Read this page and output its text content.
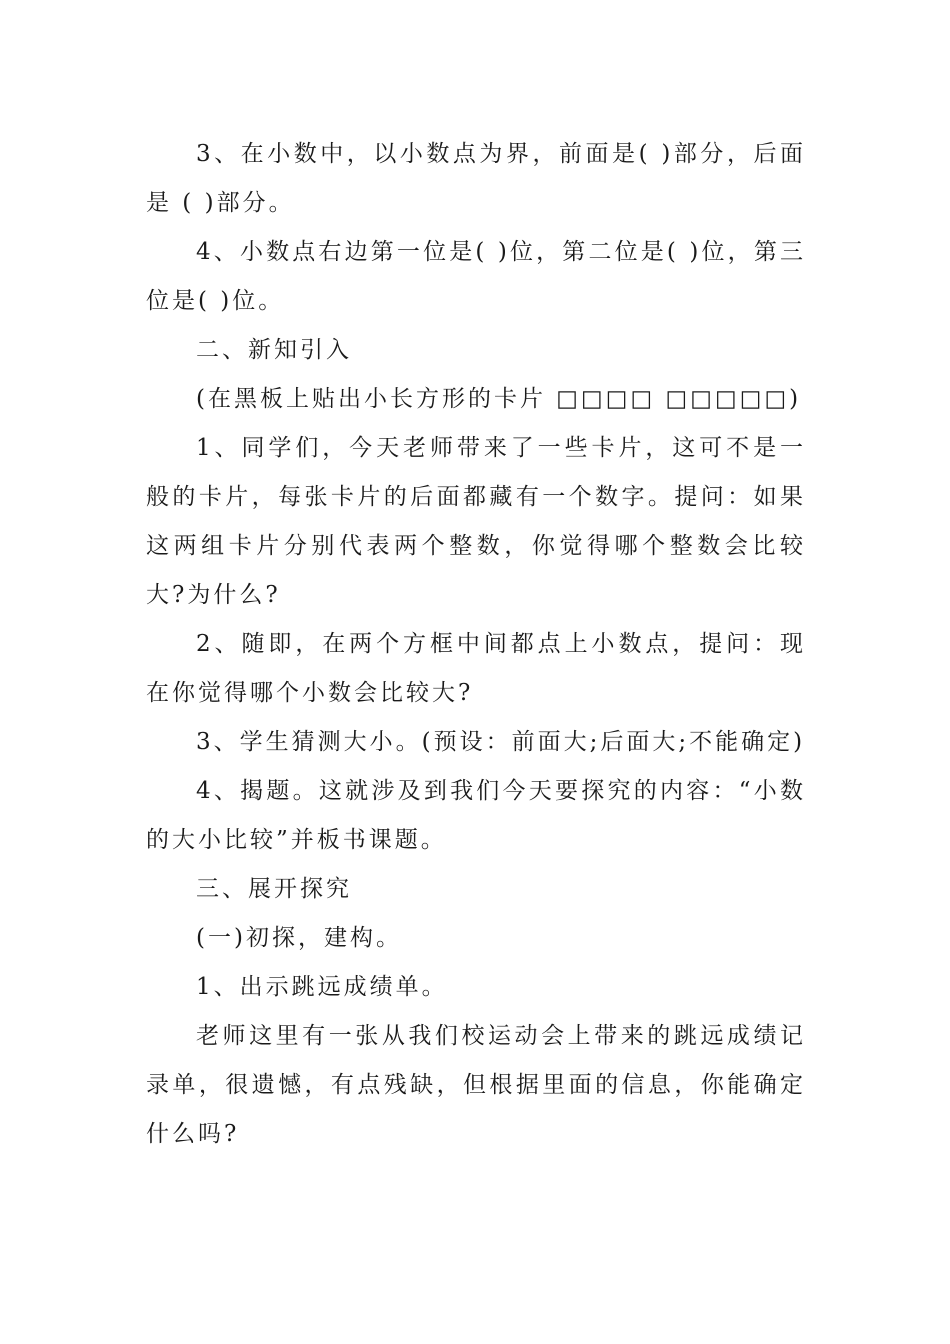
3、在小数中，以小数点为界，前面是( )部分，后面是 ( )部分。

4、小数点右边第一位是( )位，第二位是( )位，第三位是( )位。

二、新知引入

(在黑板上贴出小长方形的卡片 □□□□ □□□□□)

1、同学们，今天老师带来了一些卡片，这可不是一般的卡片，每张卡片的后面都藏有一个数字。提问：如果这两组卡片分别代表两个整数，你觉得哪个整数会比较大?为什么?

2、随即，在两个方框中间都点上小数点，提问：现在你觉得哪个小数会比较大?

3、学生猜测大小。(预设：前面大;后面大;不能确定)

4、揭题。这就涉及到我们今天要探究的内容：“小数的大小比较”并板书课题。

三、展开探究

(一)初探，建构。

1、出示跳远成绩单。

老师这里有一张从我们校运动会上带来的跳远成绩记录单，很遗憾，有点残缺，但根据里面的信息，你能确定什么吗?
